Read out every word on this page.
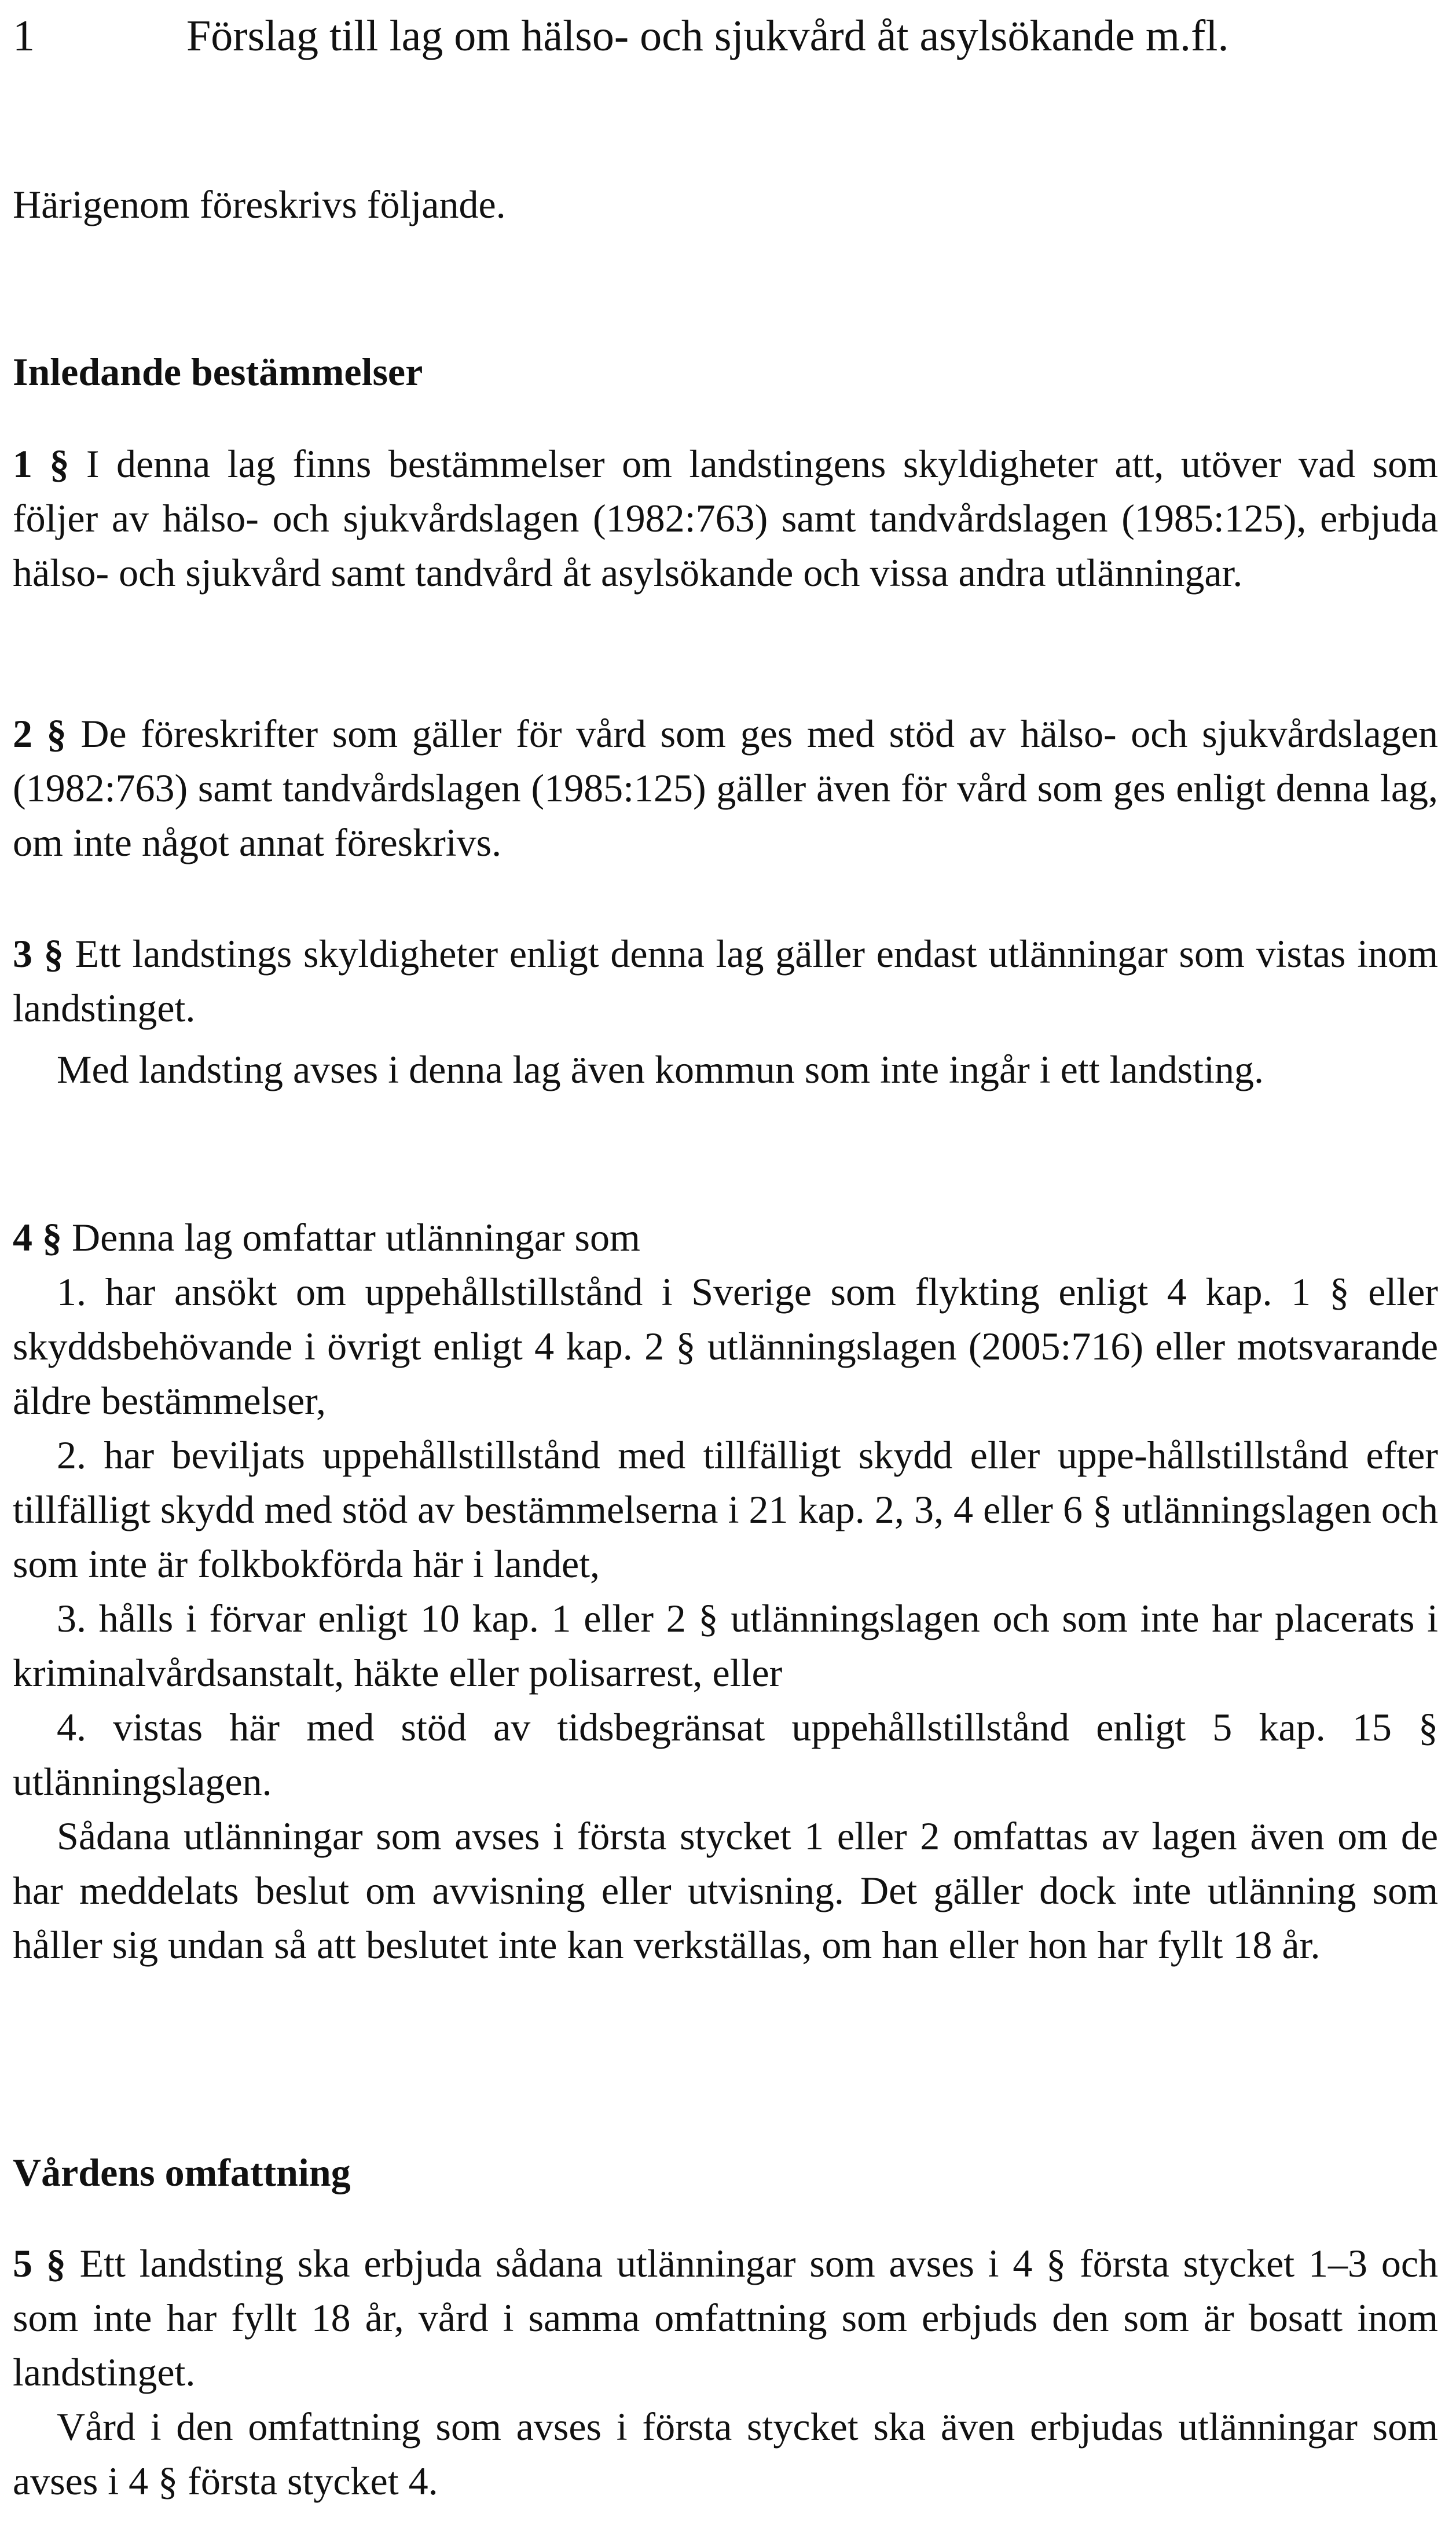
1	Förslag till lag om hälso- och sjukvård åt asylsökande m.fl.

Härigenom föreskrivs följande.

Inledande bestämmelser

1 § I denna lag finns bestämmelser om landstingens skyldigheter att, utöver vad som följer av hälso- och sjukvårdslagen (1982:763) samt tandvårdslagen (1985:125), erbjuda hälso- och sjukvård samt tandvård åt asylsökande och vissa andra utlänningar.

2 § De föreskrifter som gäller för vård som ges med stöd av hälso- och sjukvårdslagen (1982:763) samt tandvårdslagen (1985:125) gäller även för vård som ges enligt denna lag, om inte något annat föreskrivs.

3 § Ett landstings skyldigheter enligt denna lag gäller endast utlänningar som vistas inom landstinget.

Med landsting avses i denna lag även kommun som inte ingår i ett landsting.

4 § Denna lag omfattar utlänningar som

1. har ansökt om uppehållstillstånd i Sverige som flykting enligt 4 kap. 1 § eller skyddsbehövande i övrigt enligt 4 kap. 2 § utlänningslagen (2005:716) eller motsvarande äldre bestämmelser,

2. har beviljats uppehållstillstånd med tillfälligt skydd eller uppe-hållstillstånd efter tillfälligt skydd med stöd av bestämmelserna i 21 kap. 2, 3, 4 eller 6 § utlänningslagen och som inte är folkbokförda här i landet,

3. hålls i förvar enligt 10 kap. 1 eller 2 § utlänningslagen och som inte har placerats i kriminalvårdsanstalt, häkte eller polisarrest, eller

4. vistas här med stöd av tidsbegränsat uppehållstillstånd enligt 5 kap. 15 § utlänningslagen.

Sådana utlänningar som avses i första stycket 1 eller 2 omfattas av lagen även om de har meddelats beslut om avvisning eller utvisning. Det gäller dock inte utlänning som håller sig undan så att beslutet inte kan verkställas, om han eller hon har fyllt 18 år.

Vårdens omfattning

5 § Ett landsting ska erbjuda sådana utlänningar som avses i 4 § första stycket 1–3 och som inte har fyllt 18 år, vård i samma omfattning som erbjuds den som är bosatt inom landstinget.

Vård i den omfattning som avses i första stycket ska även erbjudas utlänningar som avses i 4 § första stycket 4.
